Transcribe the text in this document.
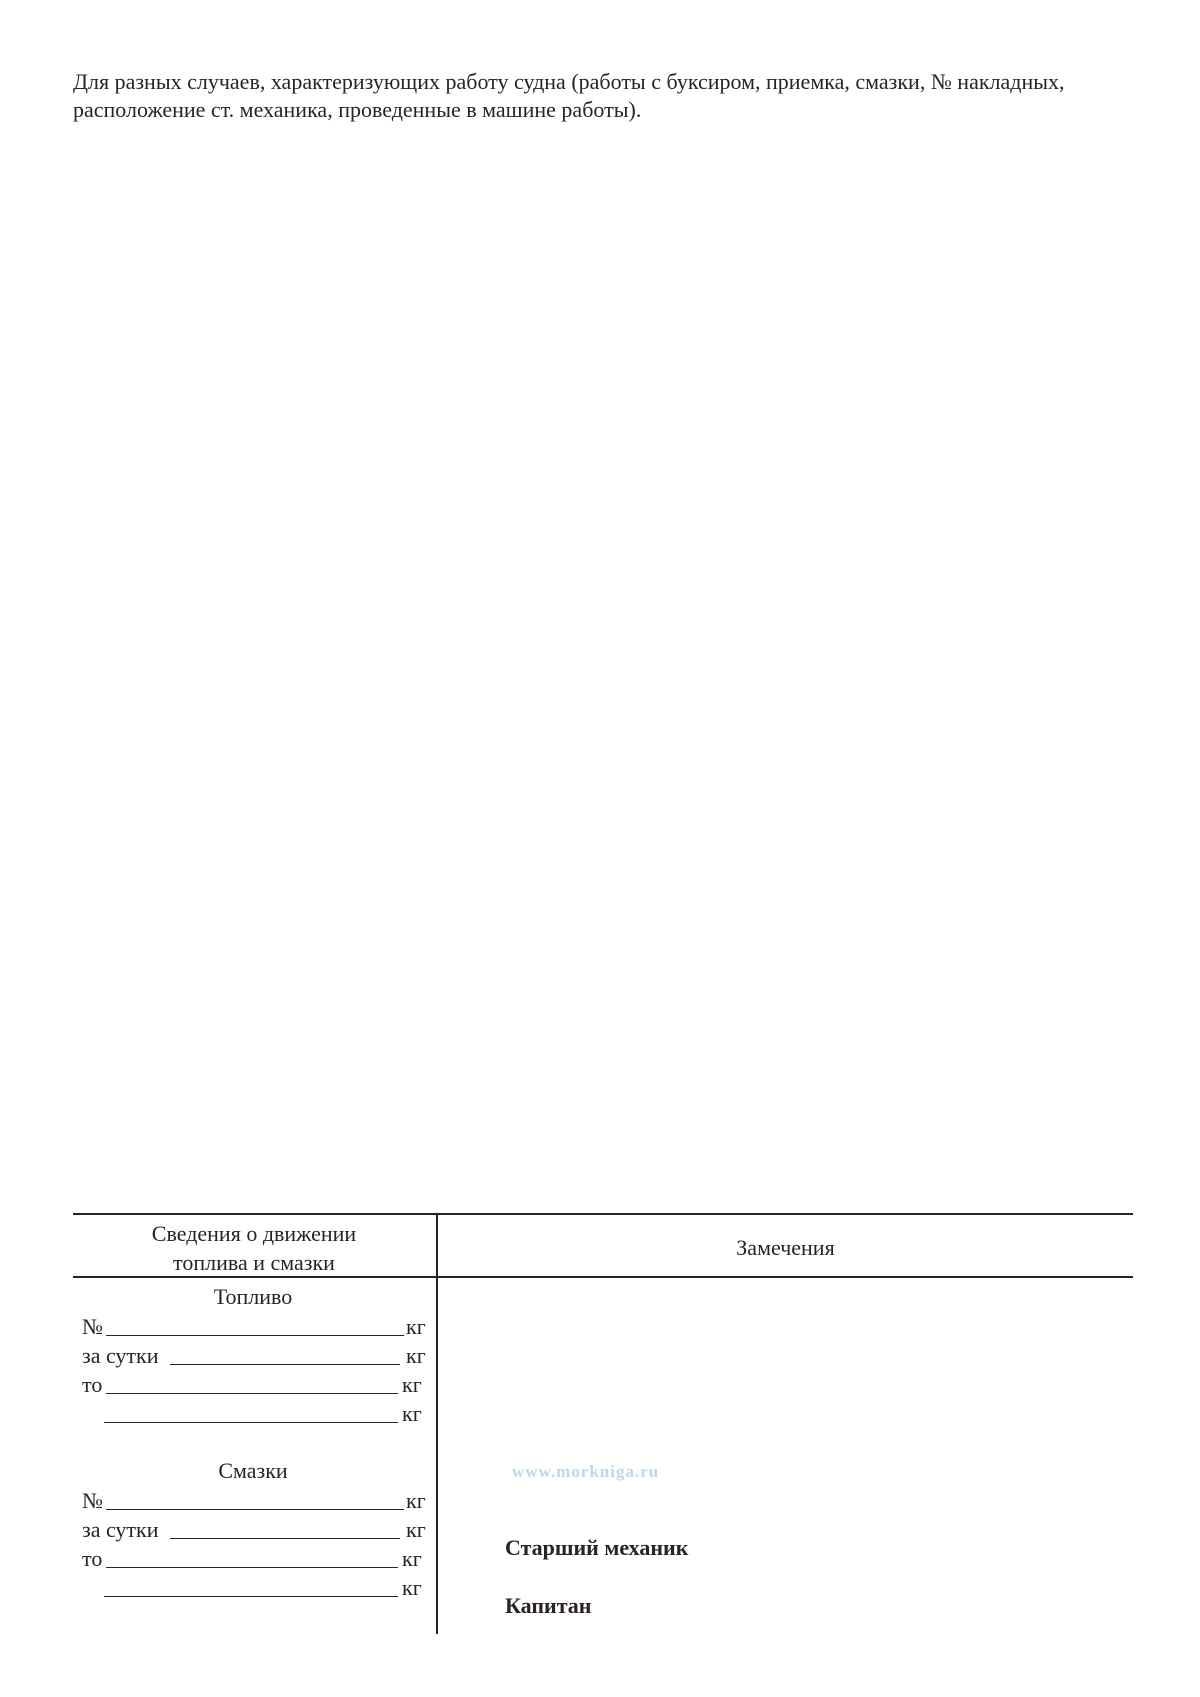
Для разных случаев, характеризующих работу судна (работы с буксиром, приемка, смазки, № накладных, расположение ст. механика, проведенные в машине работы).

Сведения о движении
топлива и смазки
Замечения
Топливо
№	кг
за сутки	кг
то	кг
кг
Смазки
№	кг
за сутки	кг
то	кг
кг
www.morkniga.ru
Старший механик
Капитан
